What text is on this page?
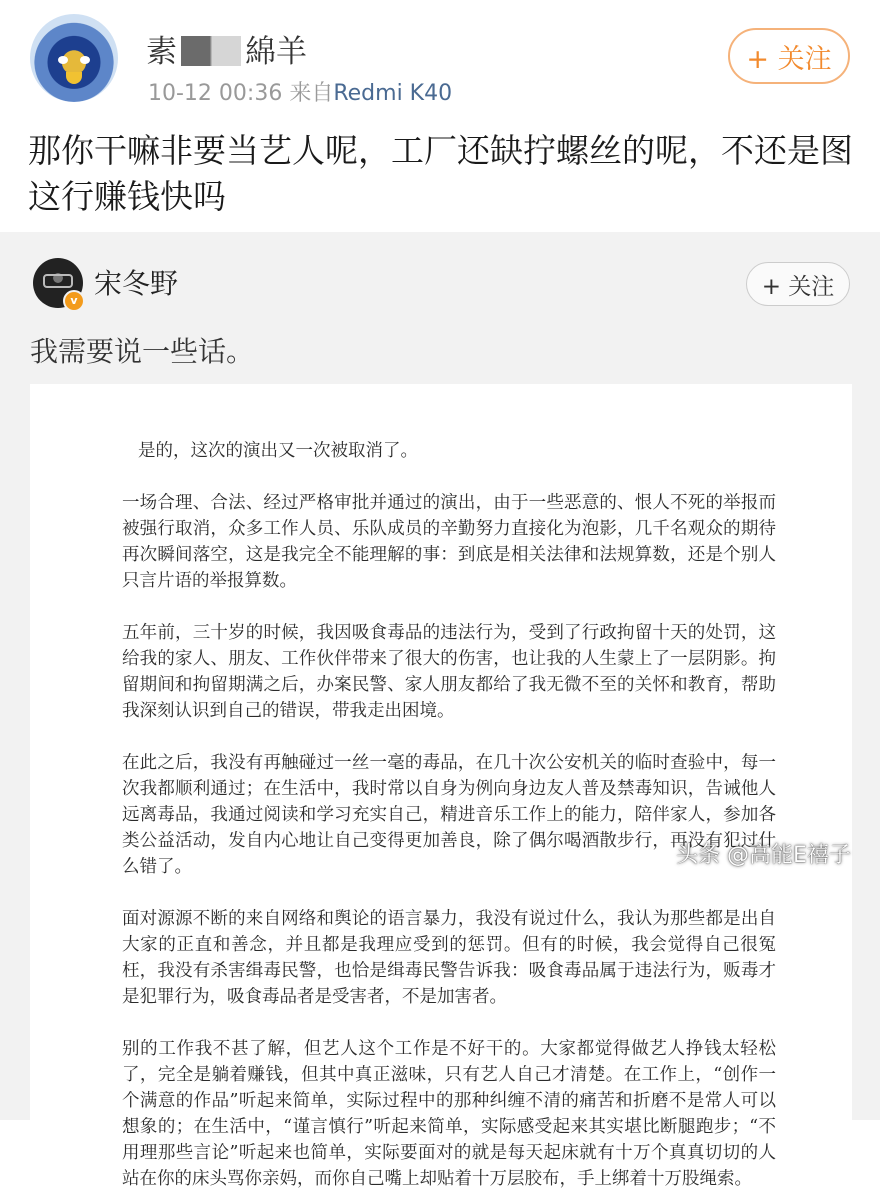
素 綿羊
10-12 00:36 来自Redmi K40
+ 关注
那你干嘛非要当艺人呢，工厂还缺拧螺丝的呢，不还是图这行赚钱快吗
v
宋冬野	+ 关注
我需要说一些话。

是的，这次的演出又一次被取消了。

一场合理、合法、经过严格审批并通过的演出，由于一些恶意的、恨人不死的举报而被强行取消，众多工作人员、乐队成员的辛勤努力直接化为泡影，几千名观众的期待再次瞬间落空，这是我完全不能理解的事：到底是相关法律和法规算数，还是个别人只言片语的举报算数。

五年前，三十岁的时候，我因吸食毒品的违法行为，受到了行政拘留十天的处罚，这给我的家人、朋友、工作伙伴带来了很大的伤害，也让我的人生蒙上了一层阴影。拘留期间和拘留期满之后，办案民警、家人朋友都给了我无微不至的关怀和教育，帮助我深刻认识到自己的错误，带我走出困境。

在此之后，我没有再触碰过一丝一毫的毒品，在几十次公安机关的临时查验中，每一次我都顺利通过；在生活中，我时常以自身为例向身边友人普及禁毒知识，告诫他人远离毒品，我通过阅读和学习充实自己，精进音乐工作上的能力，陪伴家人，参加各类公益活动，发自内心地让自己变得更加善良，除了偶尔喝酒散步行，再没有犯过什么错了。

面对源源不断的来自网络和舆论的语言暴力，我没有说过什么，我认为那些都是出自大家的正直和善念，并且都是我理应受到的惩罚。但有的时候，我会觉得自己很冤枉，我没有杀害缉毒民警，也恰是缉毒民警告诉我：吸食毒品属于违法行为，贩毒才是犯罪行为，吸食毒品者是受害者，不是加害者。

别的工作我不甚了解，但艺人这个工作是不好干的。大家都觉得做艺人挣钱太轻松了，完全是躺着赚钱，但其中真正滋味，只有艺人自己才清楚。在工作上，“创作一个满意的作品”听起来简单，实际过程中的那种纠缠不清的痛苦和折磨不是常人可以想象的；在生活中，“谨言慎行”听起来简单，实际感受起来其实堪比断腿跑步；“不用理那些言论”听起来也简单，实际要面对的就是每天起床就有十万个真真切切的人站在你的床头骂你亲妈，而你自己嘴上却贴着十万层胶布，手上绑着十万股绳索。

头条 @高能E禧子
